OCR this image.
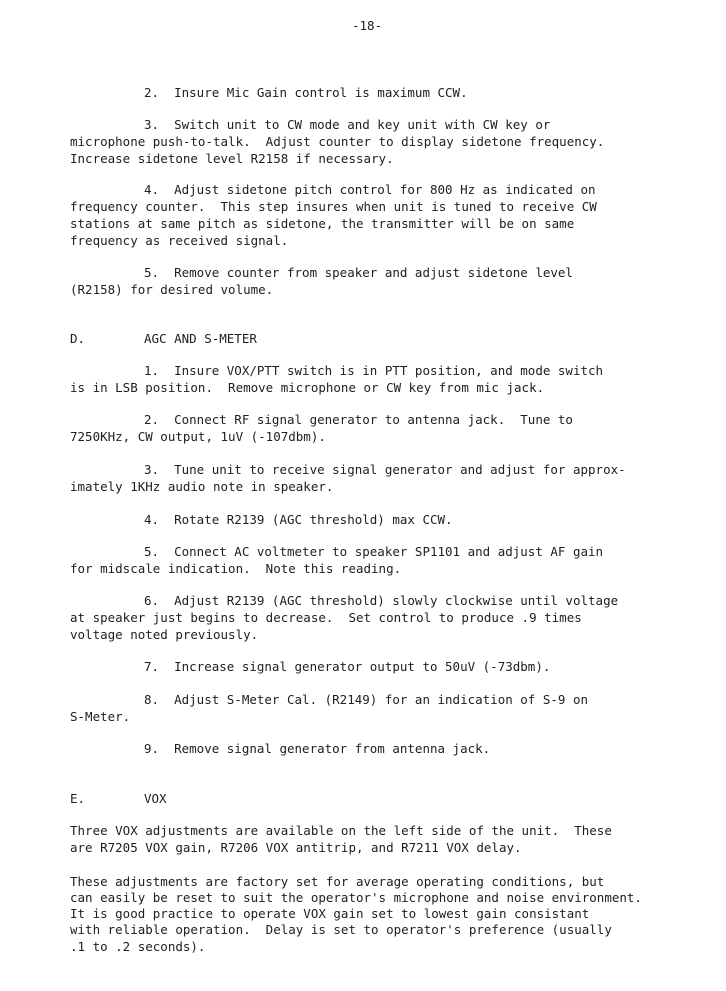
-18-
2.  Insure Mic Gain control is maximum CCW.
3.  Switch unit to CW mode and key unit with CW key or
microphone push-to-talk.  Adjust counter to display sidetone frequency.
Increase sidetone level R2158 if necessary.
4.  Adjust sidetone pitch control for 800 Hz as indicated on
frequency counter.  This step insures when unit is tuned to receive CW
stations at same pitch as sidetone, the transmitter will be on same
frequency as received signal.
5.  Remove counter from speaker and adjust sidetone level
(R2158) for desired volume.
D.	AGC AND S-METER
1.  Insure VOX/PTT switch is in PTT position, and mode switch
is in LSB position.  Remove microphone or CW key from mic jack.
2.  Connect RF signal generator to antenna jack.  Tune to
7250KHz, CW output, 1uV (-107dbm).
3.  Tune unit to receive signal generator and adjust for approx-
imately 1KHz audio note in speaker.
4.  Rotate R2139 (AGC threshold) max CCW.
5.  Connect AC voltmeter to speaker SP1101 and adjust AF gain
for midscale indication.  Note this reading.
6.  Adjust R2139 (AGC threshold) slowly clockwise until voltage
at speaker just begins to decrease.  Set control to produce .9 times
voltage noted previously.
7.  Increase signal generator output to 50uV (-73dbm).
8.  Adjust S-Meter Cal. (R2149) for an indication of S-9 on
S-Meter.
9.  Remove signal generator from antenna jack.
E.	VOX
Three VOX adjustments are available on the left side of the unit.  These
are R7205 VOX gain, R7206 VOX antitrip, and R7211 VOX delay.
These adjustments are factory set for average operating conditions, but
can easily be reset to suit the operator's microphone and noise environment.
It is good practice to operate VOX gain set to lowest gain consistant
with reliable operation.  Delay is set to operator's preference (usually
.1 to .2 seconds).
